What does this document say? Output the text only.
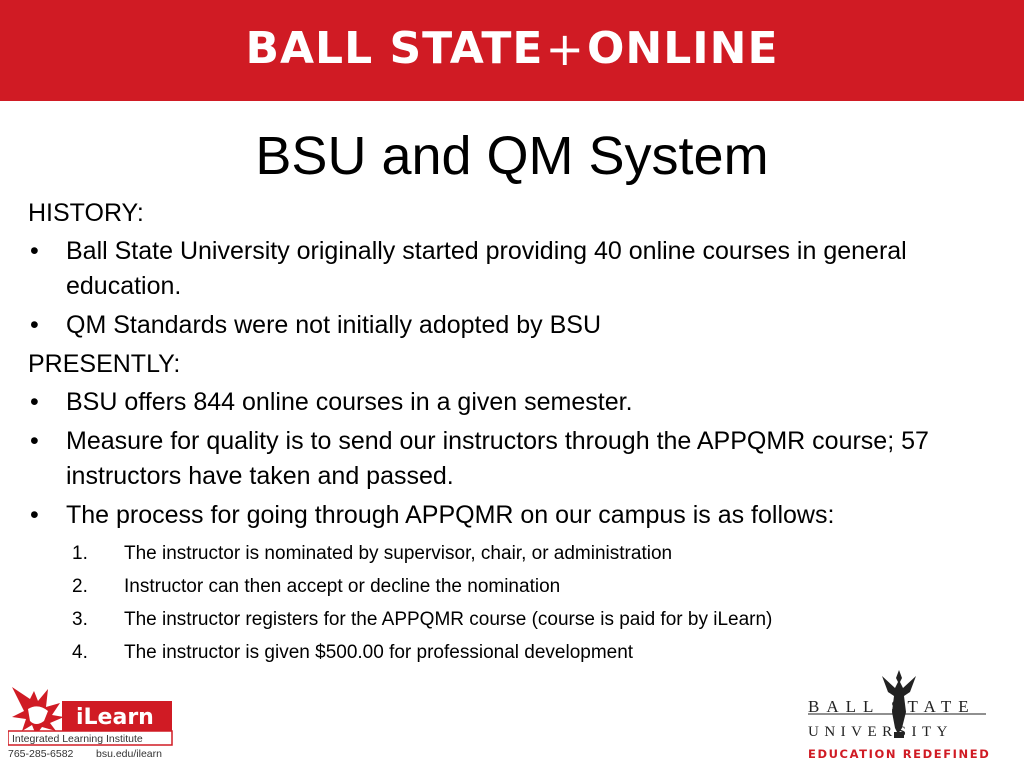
BALL STATE + ONLINE
BSU and QM System
HISTORY:
• Ball State University originally started providing 40 online courses in general education.
• QM Standards were not initially adopted by BSU
PRESENTLY:
• BSU offers 844 online courses in a given semester.
• Measure for quality is to send our instructors through the APPQMR course; 57 instructors have taken and passed.
• The process for going through APPQMR on our campus is as follows:
1. The instructor is nominated by supervisor, chair, or administration
2. Instructor can then accept or decline the nomination
3. The instructor registers for the APPQMR course (course is paid for by iLearn)
4. The instructor is given $500.00 for professional development
iLearn
Integrated Learning Institute
765-285-6582 bsu.edu/ilearn
BALL STATE
UNIVERSITY
EDUCATION REDEFINED
